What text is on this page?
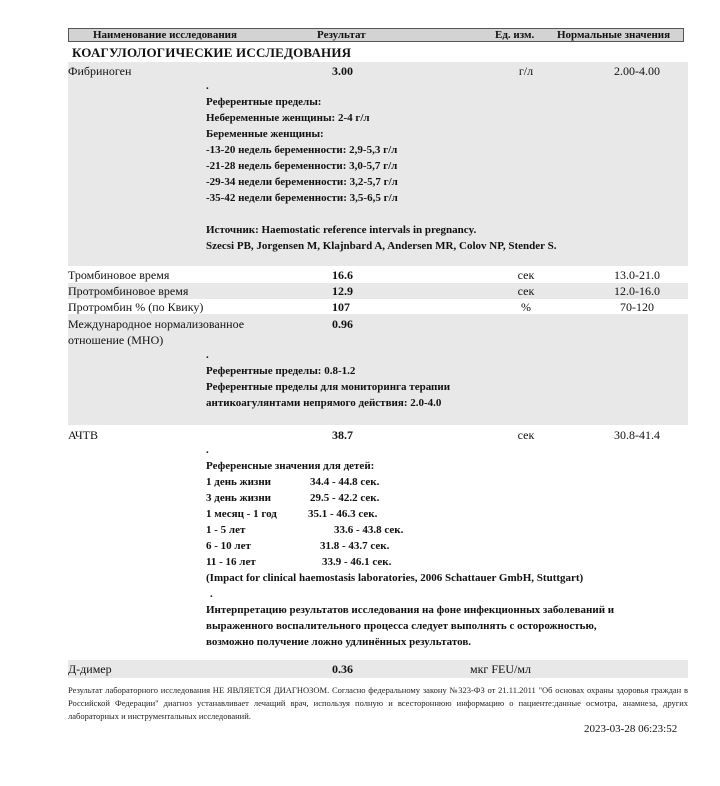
Наименование исследования	Результат	Ед. изм. Нормальные значения
КОАГУЛОЛОГИЧЕСКИЕ ИССЛЕДОВАНИЯ
Фибриноген	3.00	г/л	2.00-4.00
.
Референтные пределы:
Небеременные женщины: 2-4 г/л
Беременные женщины:
-13-20 недель беременности: 2,9-5,3 г/л
-21-28 недель беременности: 3,0-5,7 г/л
-29-34 недели беременности: 3,2-5,7 г/л
-35-42 недели беременности: 3,5-6,5 г/л
Источник: Haemostatic reference intervals in pregnancy.
Szecsi PB, Jorgensen M, Klajnbard A, Andersen MR, Colov NP, Stender S.
Тромбиновое время	16.6	сек	13.0-21.0
Протромбиновое время	12.9	сек	12.0-16.0
Протромбин % (по Квику)	107	%	70-120
Международное нормализованное	0.96
отношение (МНО)
.
Референтные пределы: 0.8-1.2
Референтные пределы для мониторинга терапии
антикоагулянтами непрямого действия: 2.0-4.0
АЧТВ	38.7	сек	30.8-41.4
.
Референсные значения для детей:
1 день жизни	34.4 - 44.8 сек.
3 день жизни	29.5 - 42.2 сек.
1 месяц - 1 год	35.1 - 46.3 сек.
1 - 5 лет	33.6 - 43.8 сек.
6 - 10 лет	31.8 - 43.7 сек.
11 - 16 лет	33.9 - 46.1 сек.
(Impact for clinical haemostasis laboratories, 2006 Schattauer GmbH, Stuttgart)
.
Интерпретацию результатов исследования на фоне инфекционных заболеваний и
выраженного воспалительного процесса следует выполнять с осторожностью,
возможно получение ложно удлинённых результатов.
Д-димер	0.36	мкг FEU/мл
Результат лабораторного исследования НЕ ЯВЛЯЕТСЯ ДИАГНОЗОМ. Согласно федеральному закону №323-ФЗ от 21.11.2011 "Об основах охраны здоровья граждан в Российской Федерации" диагноз устанавливает лечащий врач, используя полную и всестороннюю информацию о пациенте:данные осмотра, анамнеза, других лабораторных и инструментальных исследований.
2023-03-28 06:23:52
